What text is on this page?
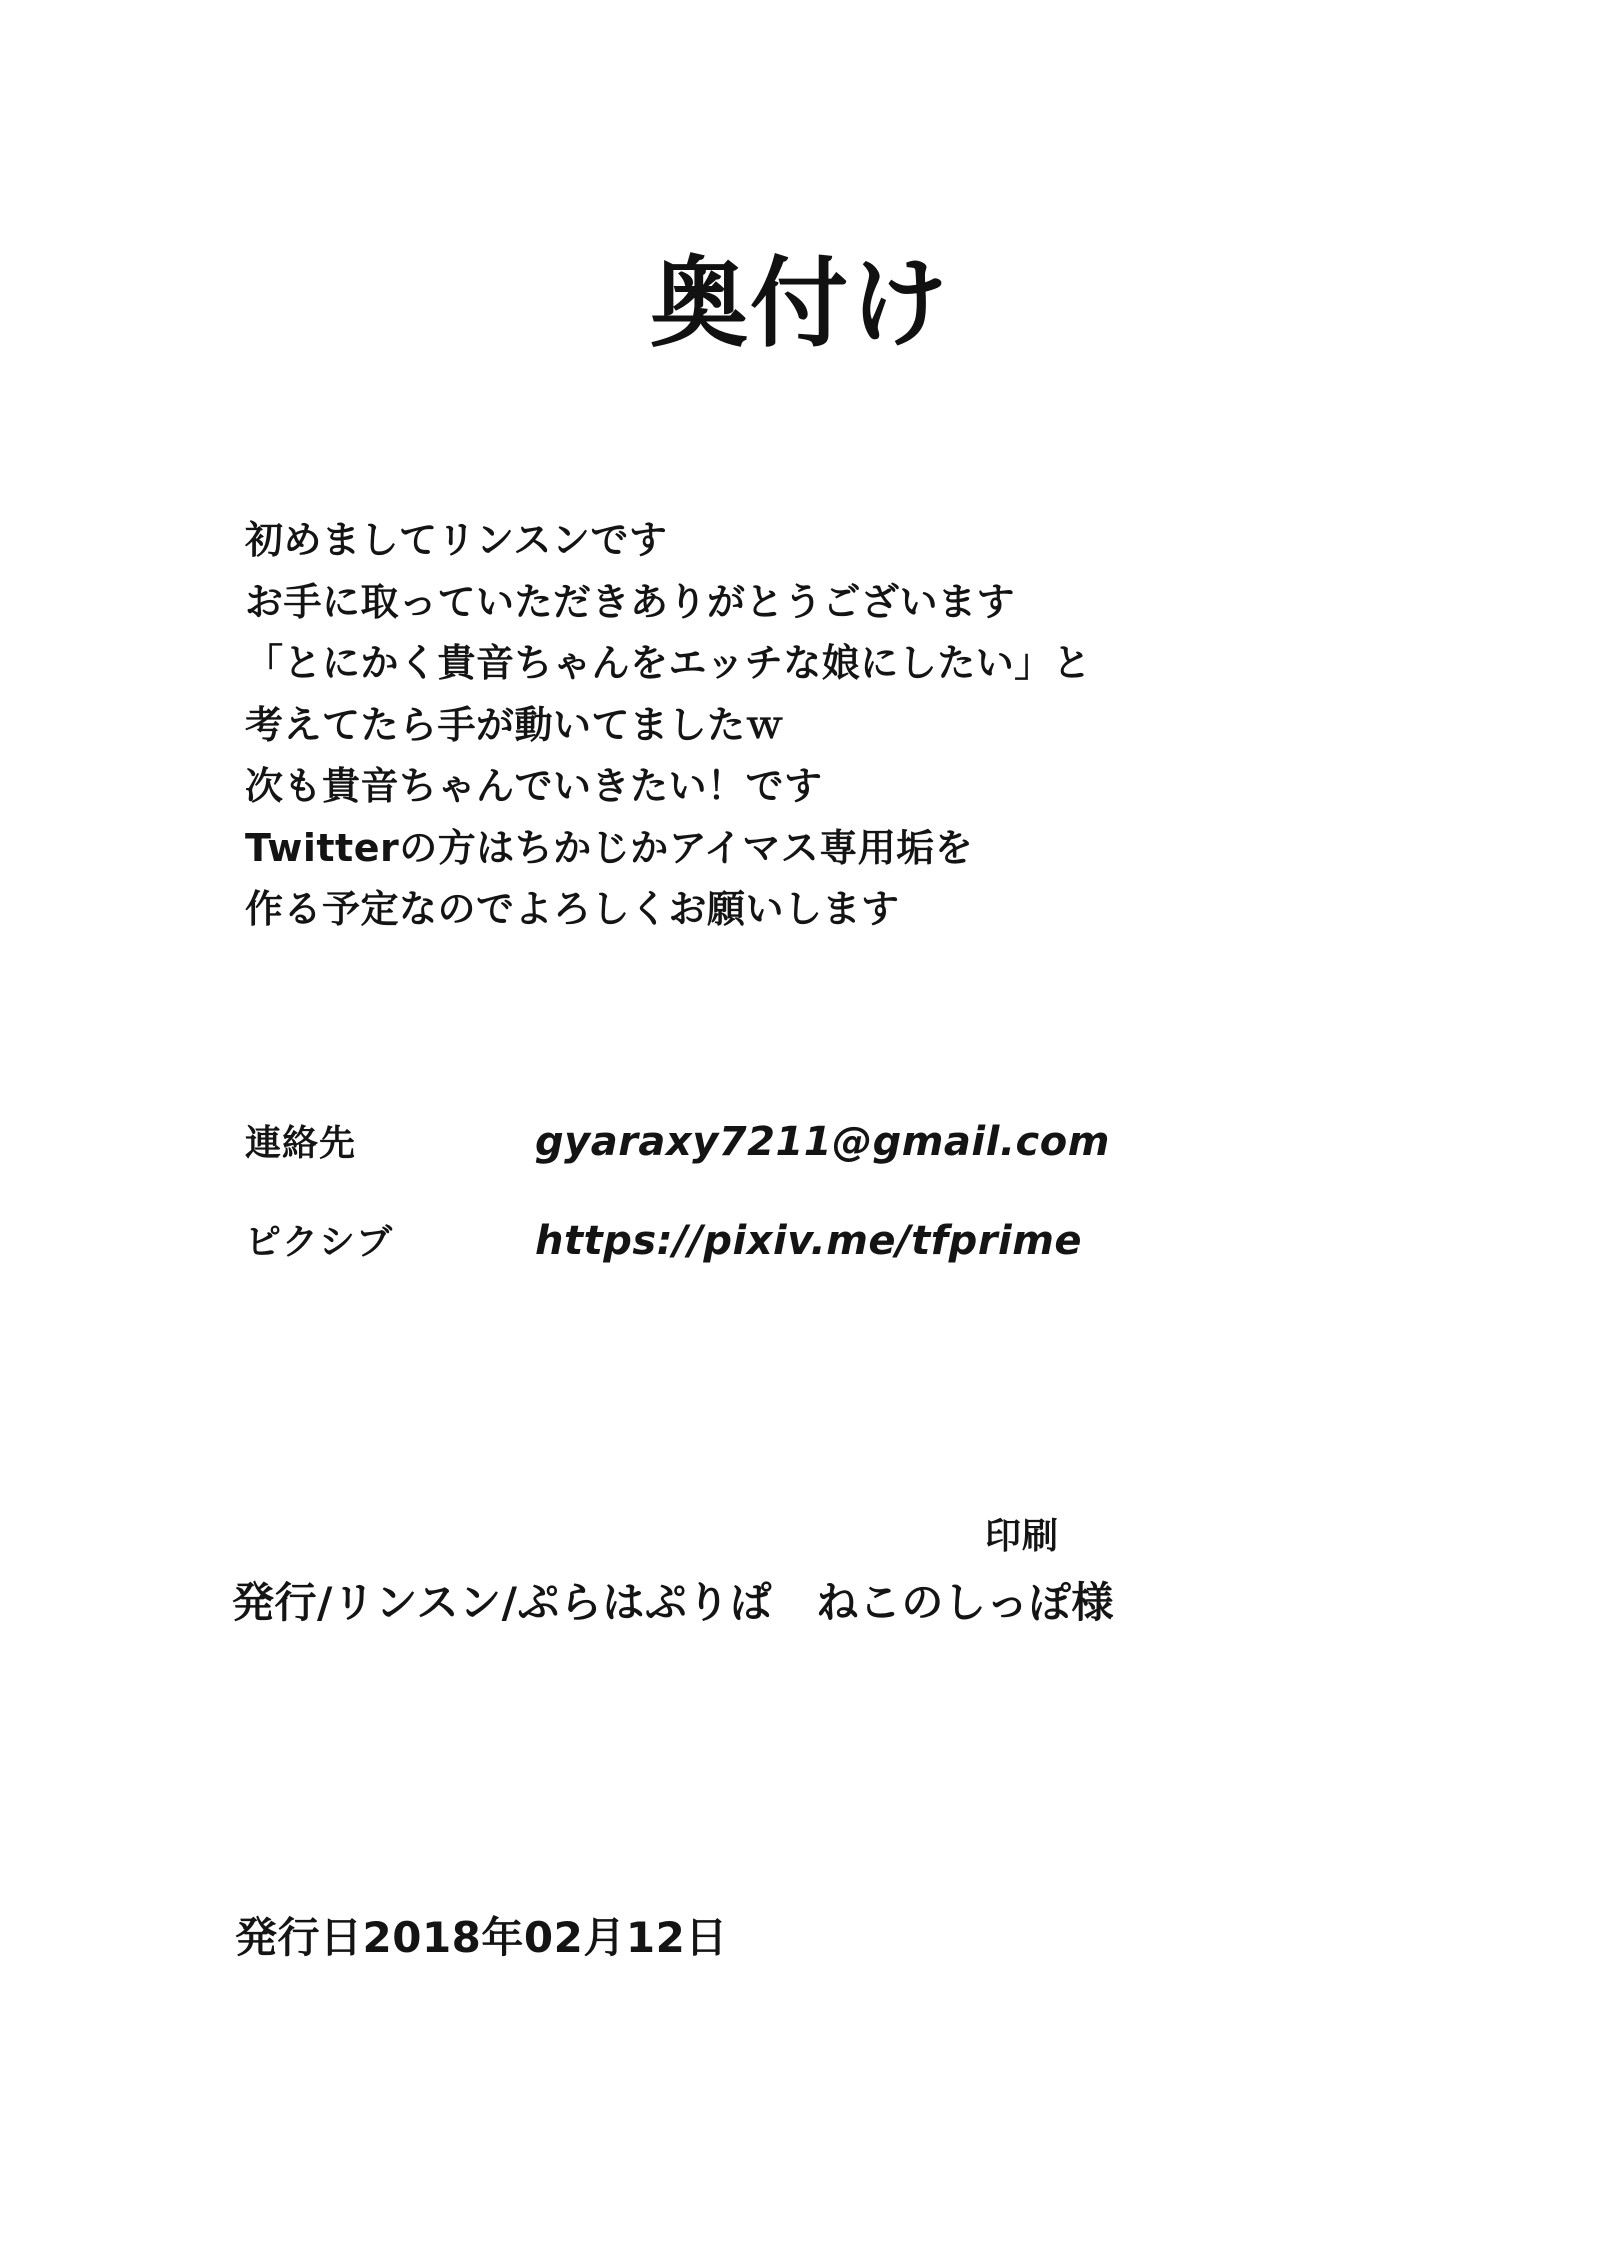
奥付け
初めましてリンスンです
お手に取っていただきありがとうございます
「とにかく貴音ちゃんをエッチな娘にしたい」と
考えてたら手が動いてましたｗ
次も貴音ちゃんでいきたい！です
Twitterの方はちかじかアイマス専用垢を
作る予定なのでよろしくお願いします
連絡先	gyaraxy7211@gmail.com
ピクシブ	https://pixiv.me/tfprime
印刷
発行/リンスン/ぷらはぷりぱ ねこのしっぽ様
発行日2018年02月12日
